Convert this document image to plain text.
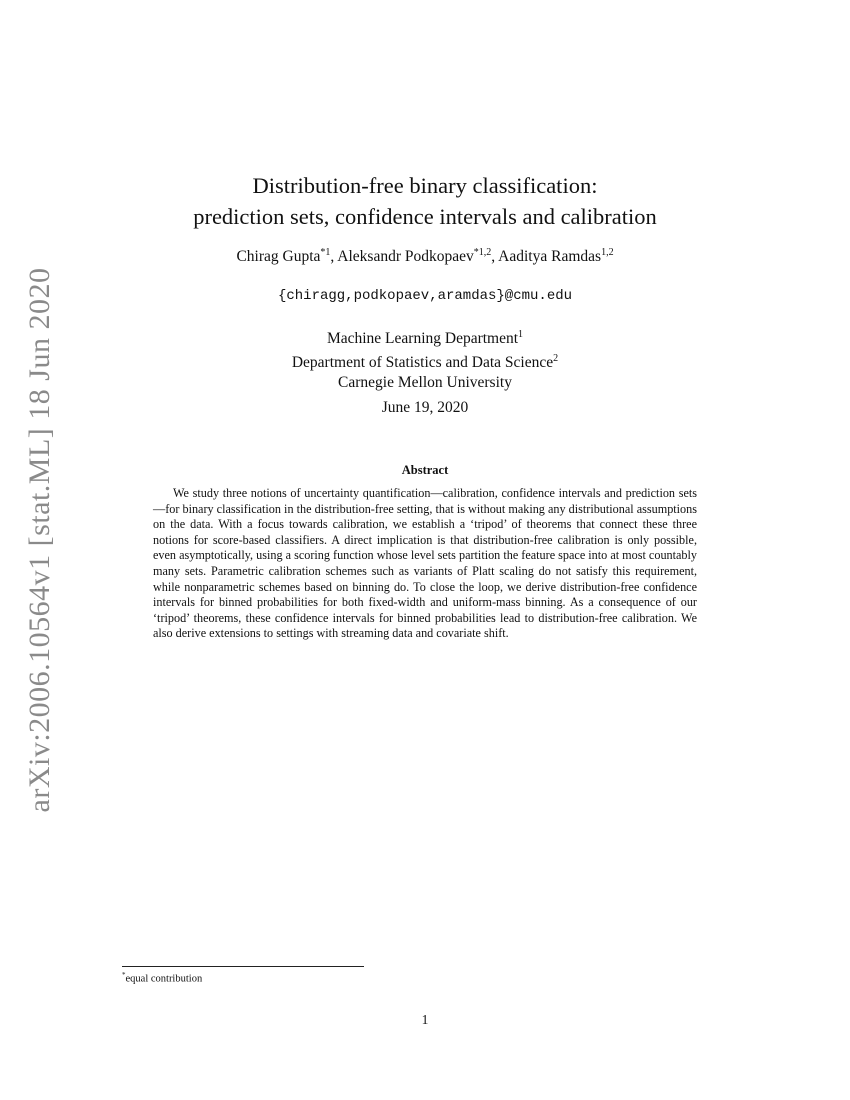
arXiv:2006.10564v1 [stat.ML] 18 Jun 2020
Distribution-free binary classification:
prediction sets, confidence intervals and calibration
Chirag Gupta$^{*1}$, Aleksandr Podkopaev$^{*1,2}$, Aaditya Ramdas$^{1,2}$
{chiragg,podkopaev,aramdas}@cmu.edu
Machine Learning Department$^1$
Department of Statistics and Data Science$^2$
Carnegie Mellon University
June 19, 2020
Abstract

We study three notions of uncertainty quantification—calibration, confidence intervals and prediction sets—for binary classification in the distribution-free setting, that is without making any distributional assumptions on the data. With a focus towards calibration, we establish a ‘tripod’ of theorems that connect these three notions for score-based classifiers. A direct implication is that distribution-free calibration is only possible, even asymptotically, using a scoring function whose level sets partition the feature space into at most countably many sets. Parametric calibration schemes such as variants of Platt scaling do not satisfy this requirement, while nonparametric schemes based on binning do. To close the loop, we derive distribution-free confidence intervals for binned probabilities for both fixed-width and uniform-mass binning. As a consequence of our ‘tripod’ theorems, these confidence intervals for binned probabilities lead to distribution-free calibration. We also derive extensions to settings with streaming data and covariate shift.

*equal contribution
1
